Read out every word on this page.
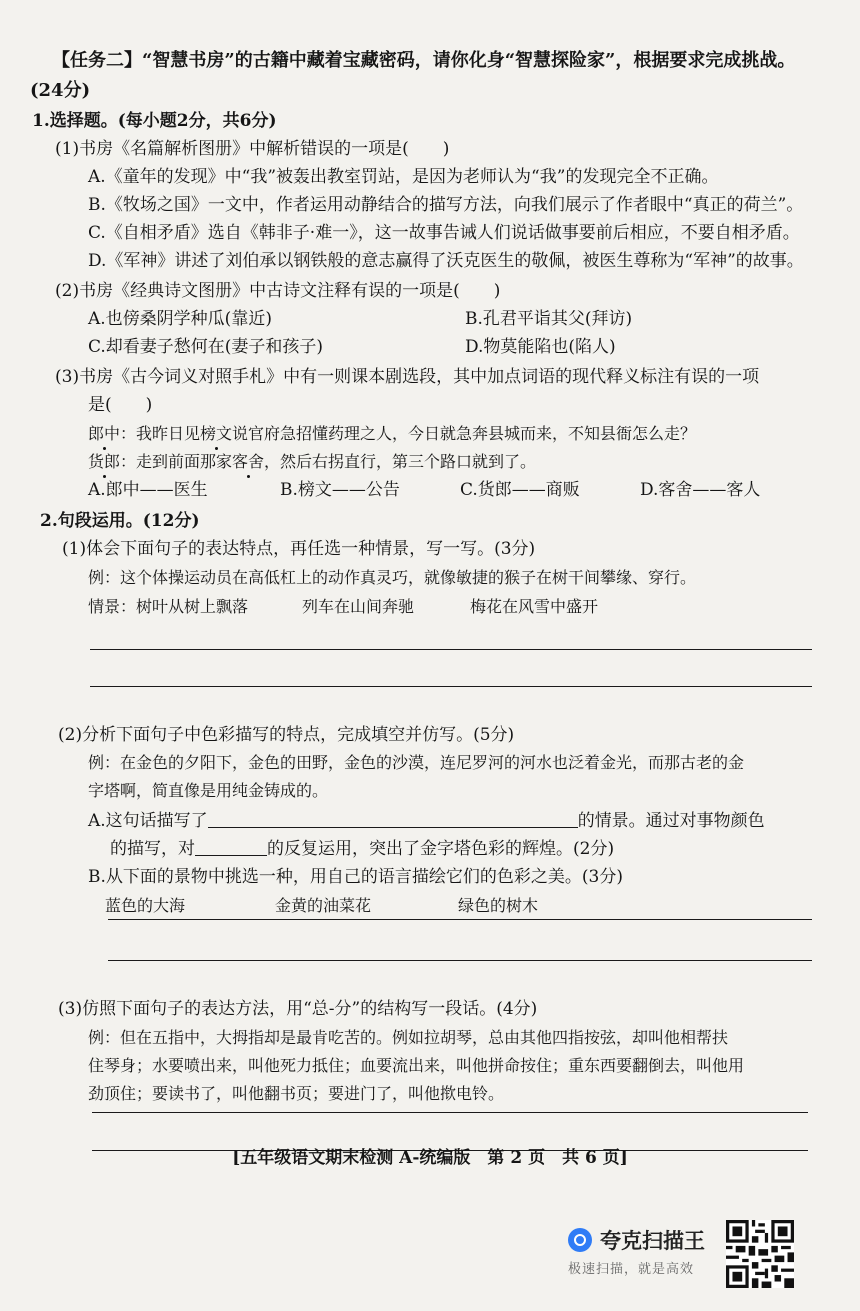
【任务二】“智慧书房”的古籍中藏着宝藏密码，请你化身“智慧探险家”，根据要求完成挑战。
(24分)
1.选择题。(每小题2分，共6分)
(1)书房《名篇解析图册》中解析错误的一项是(　　)
A.《童年的发现》中“我”被轰出教室罚站，是因为老师认为“我”的发现完全不正确。
B.《牧场之国》一文中，作者运用动静结合的描写方法，向我们展示了作者眼中“真正的荷兰”。
C.《自相矛盾》选自《韩非子·难一》，这一故事告诫人们说话做事要前后相应，不要自相矛盾。
D.《军神》讲述了刘伯承以钢铁般的意志赢得了沃克医生的敬佩，被医生尊称为“军神”的故事。
(2)书房《经典诗文图册》中古诗文注释有误的一项是(　　)
A.也傍桑阴学种瓜(靠近)	B.孔君平诣其父(拜访)
C.却看妻子愁何在(妻子和孩子)	D.物莫能陷也(陷人)
(3)书房《古今词义对照手札》中有一则课本剧选段，其中加点词语的现代释义标注有误的一项
是(　　)
郎中：我昨日见榜文说官府急招懂药理之人，今日就急奔县城而来，不知县衙怎么走？
货郎：走到前面那家客舍，然后右拐直行，第三个路口就到了。
A.郎中——医生	B.榜文——公告	C.货郎——商贩	D.客舍——客人
2.句段运用。(12分)
(1)体会下面句子的表达特点，再任选一种情景，写一写。(3分)
例：这个体操运动员在高低杠上的动作真灵巧，就像敏捷的猴子在树干间攀缘、穿行。
情景：树叶从树上飘落	列车在山间奔驰	梅花在风雪中盛开
(2)分析下面句子中色彩描写的特点，完成填空并仿写。(5分)
例：在金色的夕阳下，金色的田野，金色的沙漠，连尼罗河的河水也泛着金光，而那古老的金
字塔啊，简直像是用纯金铸成的。
A.这句话描写了	的情景。通过对事物颜色
的描写，对	的反复运用，突出了金字塔色彩的辉煌。(2分)
B.从下面的景物中挑选一种，用自己的语言描绘它们的色彩之美。(3分)
蓝色的大海	金黄的油菜花	绿色的树木
(3)仿照下面句子的表达方法，用“总-分”的结构写一段话。(4分)
例：但在五指中，大拇指却是最肯吃苦的。例如拉胡琴，总由其他四指按弦，却叫他相帮扶
住琴身；水要喷出来，叫他死力抵住；血要流出来，叫他拼命按住；重东西要翻倒去，叫他用
劲顶住；要读书了，叫他翻书页；要进门了，叫他揿电铃。
[五年级语文期末检测 A-统编版　第 2 页　共 6 页]
夸克扫描王
极速扫描，就是高效
